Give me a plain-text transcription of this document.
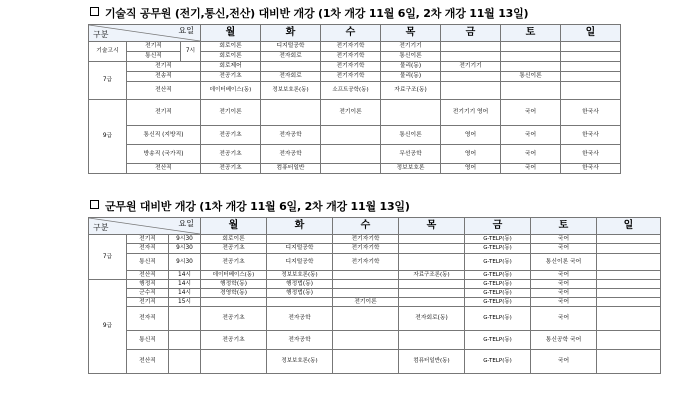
기술직 공무원 (전기,통신,전산) 대비반 개강 (1차 개강 11월 6일, 2차 개강 11월 13일)
요일
구분			월	화	수	목	금	토	일
기술고시	전기직	7시	회로이론	디지털공학	전기자기학	전기기기			
	통신직		회로이론	전자회로	전기자기학	통신이론			
7급	전기직		회로제어		전기자기학	물리(동)	전기기기		
	전송직		전공기초	전자회로	전기자기학	물리(동)		통신이론	
	전산직		데이터베이스(동)	정보보호론(동)	소프트공학(동)	자료구조(동)			
9급	전기직		전기이론		전기이론		전기기기 영어	국어	한국사
	통신직 (지방직)		전공기초	전자공학		통신이론	영어	국어	한국사
	방송직 (국가직)		전공기초	전자공학		무선공학	영어	국어	한국사
	전산직		전공기초	컴퓨터일반		정보보호론	영어	국어	한국사
군무원 대비반 개강 (1차 개강 11월 6일, 2차 개강 11월 13일)
요일
구분			월	화	수	목	금	토	일
7급	전기직	9시30	회로이론		전기자기학		G-TELP(동)	국어	
	전자직	9시30	전공기초	디지털공학	전기자기학		G-TELP(동)	국어	
	통신직	9시30	전공기초	디지털공학	전기자기학		G-TELP(동)	통신이론 국어	
	전산직	14시	데이터베이스(동)	정보보호론(동)		자료구조론(동)	G-TELP(동)	국어	
9급	행정직	14시	행정학(동)	행정법(동)			G-TELP(동)	국어	
	군수직	14시	경영학(동)	행정법(동)			G-TELP(동)	국어	
	전기직	15시			전기이론		G-TELP(동)	국어	
	전자직		전공기초	전자공학		전자회로(동)	G-TELP(동)	국어	
	통신직		전공기초	전자공학			G-TELP(동)	통신공학 국어	
	전산직			정보보호론(동)		컴퓨터일반(동)	G-TELP(동)	국어	
